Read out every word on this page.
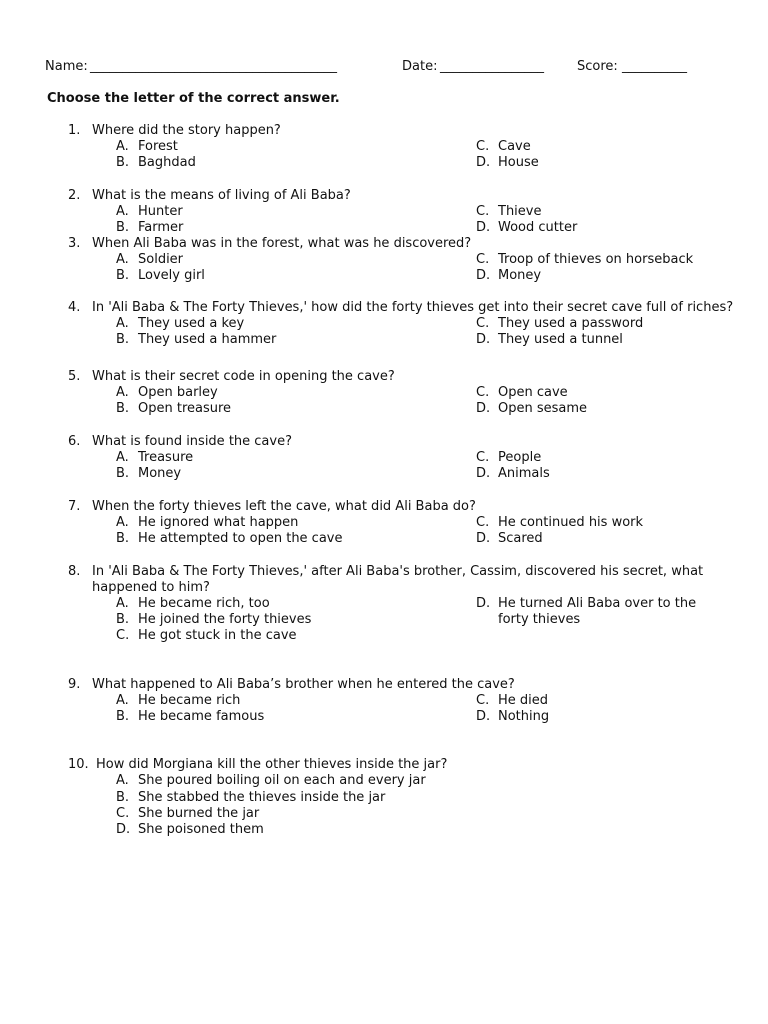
Name: ______________________________________	Date: ________________	Score: __________
Choose the letter of the correct answer.
1. Where did the story happen?
A. Forest
B. Baghdad
C. Cave
D. House
2. What is the means of living of Ali Baba?
A. Hunter
B. Farmer
C. Thieve
D. Wood cutter
3. When Ali Baba was in the forest, what was he discovered?
A. Soldier
B. Lovely girl
C. Troop of thieves on horseback
D. Money
4. In 'Ali Baba & The Forty Thieves,' how did the forty thieves get into their secret cave full of riches?
A. They used a key
B. They used a hammer
C. They used a password
D. They used a tunnel
5. What is their secret code in opening the cave?
A. Open barley
B. Open treasure
C. Open cave
D. Open sesame
6. What is found inside the cave?
A. Treasure
B. Money
C. People
D. Animals
7. When the forty thieves left the cave, what did Ali Baba do?
A. He ignored what happen
B. He attempted to open the cave
C. He continued his work
D. Scared
8. In 'Ali Baba & The Forty Thieves,' after Ali Baba's brother, Cassim, discovered his secret, what
happened to him?
A. He became rich, too
B. He joined the forty thieves
C. He got stuck in the cave
D. He turned Ali Baba over to the
forty thieves
9. What happened to Ali Baba’s brother when he entered the cave?
A. He became rich
B. He became famous
C. He died
D. Nothing
10. How did Morgiana kill the other thieves inside the jar?
A. She poured boiling oil on each and every jar
B. She stabbed the thieves inside the jar
C. She burned the jar
D. She poisoned them
